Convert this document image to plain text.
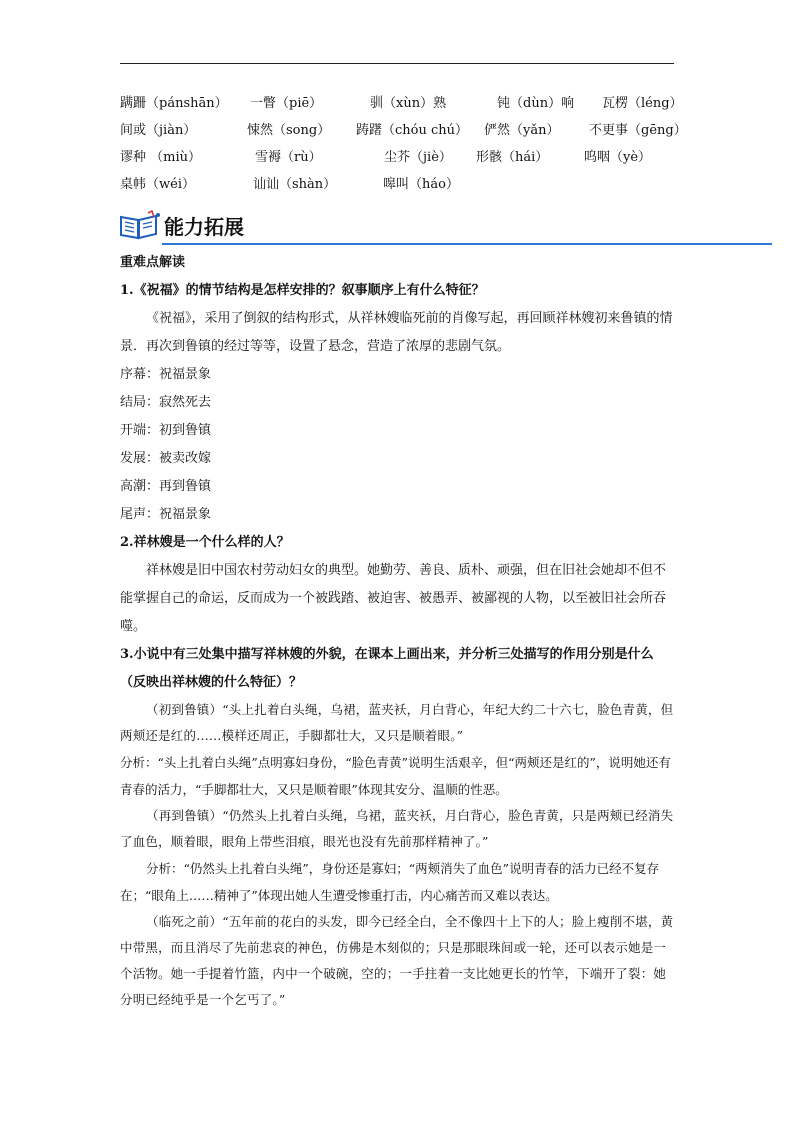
蹒跚（pánshān） 一瞥（piē）	驯（xùn）熟	钝（dùn）响 瓦楞（léng）
间或（jiàn）	悚然（song） 踌躇（chóu chú） 俨然（yǎn） 不更事（gēng）
谬种 （miù）	雪褥（rù）	尘芥（jiè） 形骸（hái）	呜咽（yè）
桌帏（wéi）	讪讪（shàn）	嗥叫（háo）
能力拓展

重难点解读

1.《祝福》的情节结构是怎样安排的？叙事顺序上有什么特征？

《祝福》，采用了倒叙的结构形式，从祥林嫂临死前的肖像写起，再回顾祥林嫂初来鲁镇的情景．再次到鲁镇的经过等等，设置了悬念，营造了浓厚的悲剧气氛。

序幕：祝福景象

结局：寂然死去

开端：初到鲁镇

发展：被卖改嫁

高潮：再到鲁镇

尾声：祝福景象

2.祥林嫂是一个什么样的人？

祥林嫂是旧中国农村劳动妇女的典型。她勤劳、善良、质朴、顽强，但在旧社会她却不但不能掌握自己的命运，反而成为一个被践踏、被迫害、被愚弄、被鄙视的人物，以至被旧社会所吞噬。

3.小说中有三处集中描写祥林嫂的外貌，在课本上画出来，并分析三处描写的作用分别是什么（反映出祥林嫂的什么特征）？

（初到鲁镇）“头上扎着白头绳，乌裙，蓝夹袄，月白背心，年纪大约二十六七，脸色青黄，但两颊还是红的……模样还周正，手脚都壮大，又只是顺着眼。”

分析：“头上扎着白头绳”点明寡妇身份，“脸色青黄”说明生活艰辛，但“两颊还是红的”，说明她还有青春的活力，“手脚都壮大，又只是顺着眼”体现其安分、温顺的性恶。

（再到鲁镇）“仍然头上扎着白头绳，乌裙，蓝夹袄，月白背心，脸色青黄，只是两颊已经消失了血色，顺着眼，眼角上带些泪痕，眼光也没有先前那样精神了。”

分析：“仍然头上扎着白头绳”，身份还是寡妇；“两颊消失了血色”说明青春的活力已经不复存在；“眼角上……精神了”体现出她人生遭受惨重打击，内心痛苦而又难以表达。

（临死之前）“五年前的花白的头发，即今已经全白，全不像四十上下的人；脸上瘦削不堪，黄中带黑，而且消尽了先前悲哀的神色，仿佛是木刻似的；只是那眼珠间或一轮，还可以表示她是一个活物。她一手提着竹篮，内中一个破碗，空的；一手拄着一支比她更长的竹竿，下端开了裂：她分明已经纯乎是一个乞丐了。”
